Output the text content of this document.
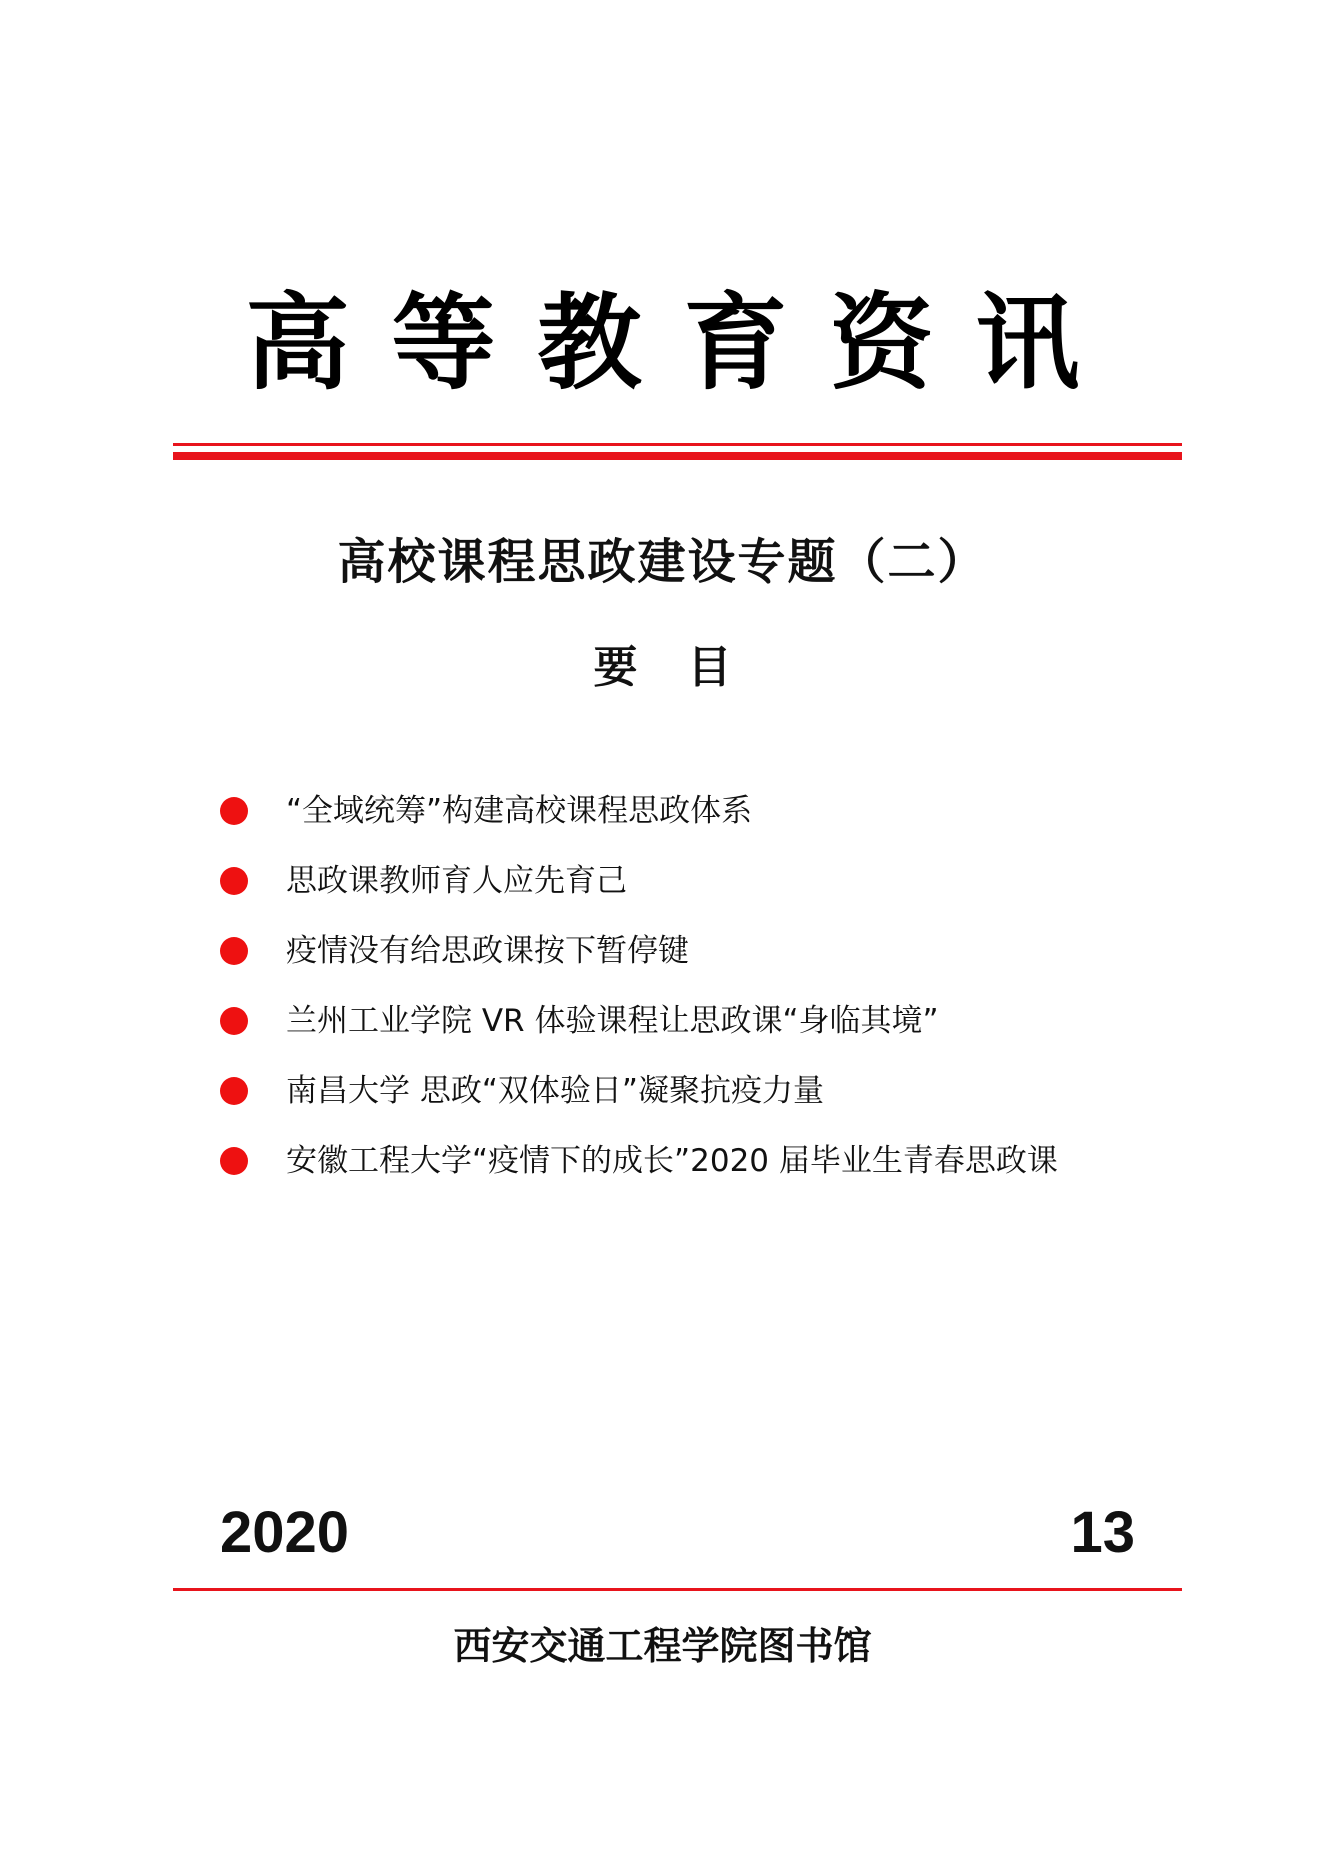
高等教育资讯
高校课程思政建设专题（二）
要目
“全域统筹”构建高校课程思政体系
思政课教师育人应先育己
疫情没有给思政课按下暂停键
兰州工业学院 VR 体验课程让思政课“身临其境”
南昌大学 思政“双体验日”凝聚抗疫力量
安徽工程大学“疫情下的成长”2020 届毕业生青春思政课
2020	13
西安交通工程学院图书馆
